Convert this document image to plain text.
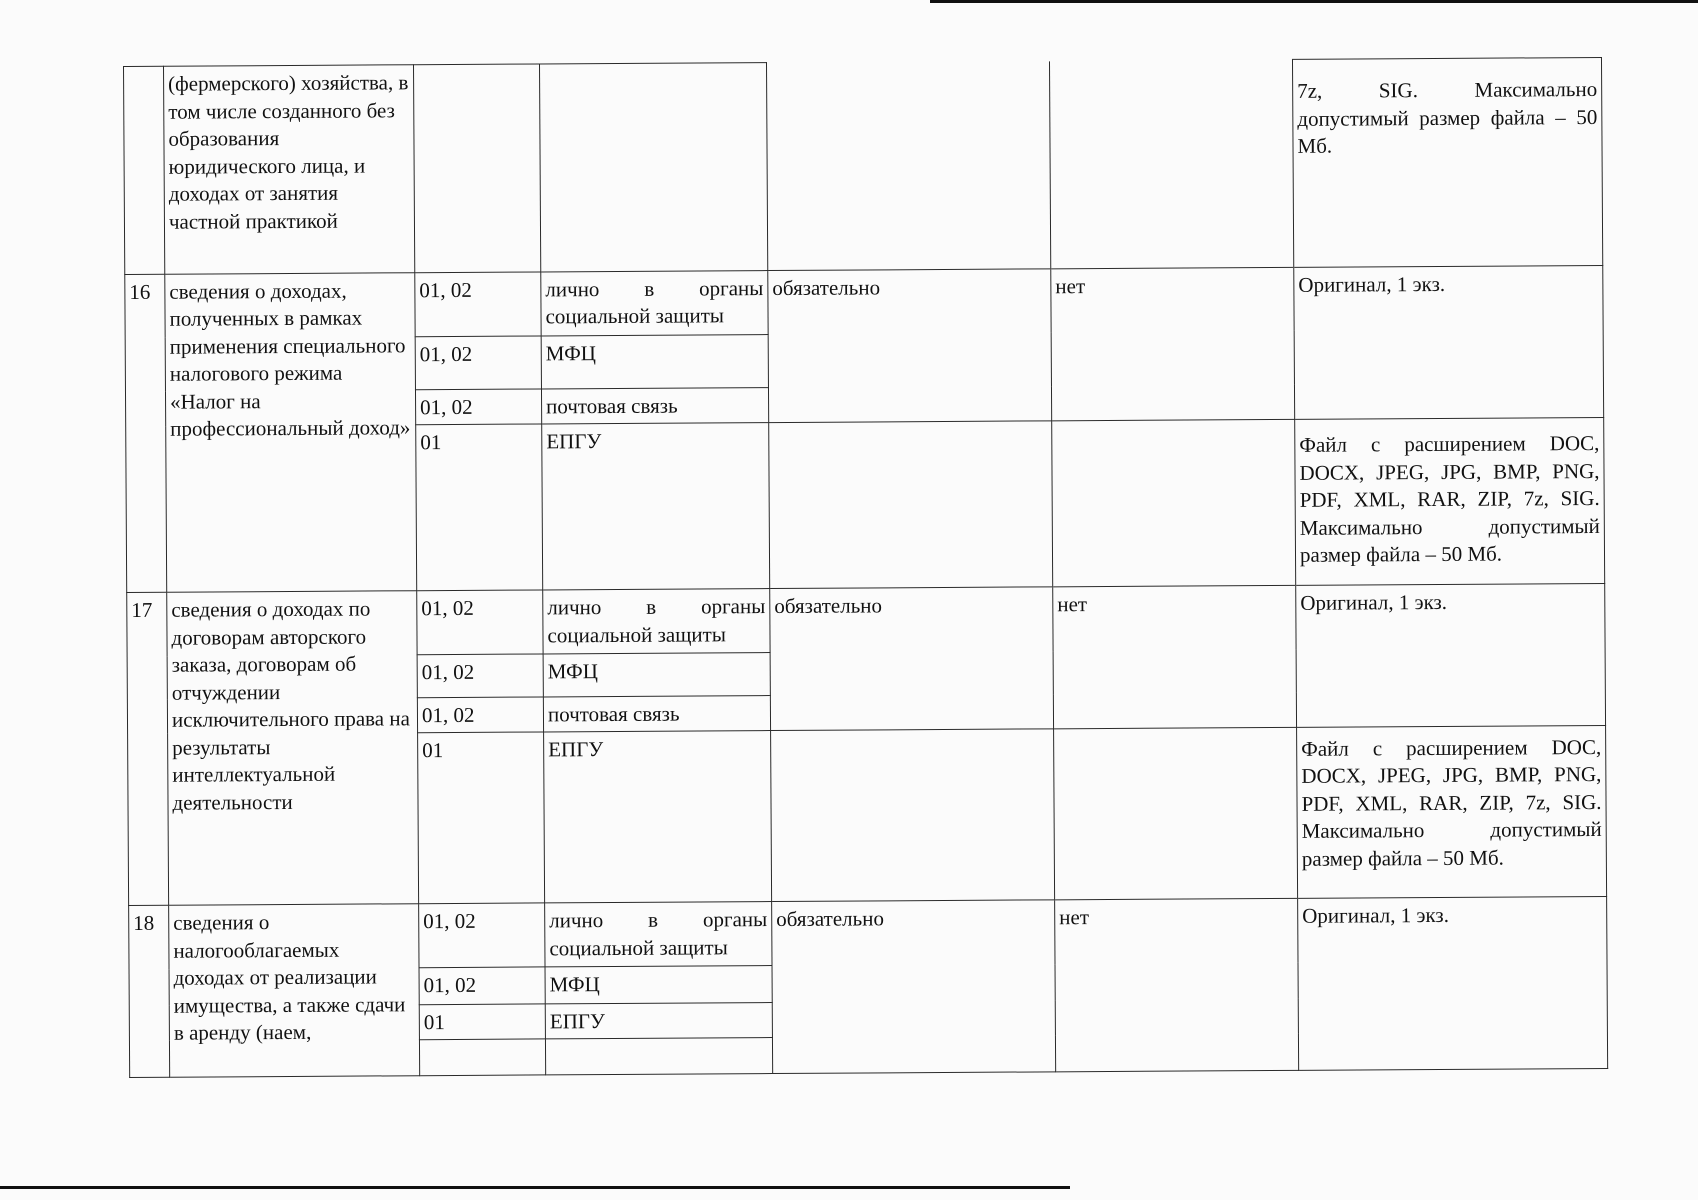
	(фермерского) хозяйства, в том числе созданного без образования юридического лица, и доходах от занятия частной практикой					7z, SIG. Максимально допустимый размер файла – 50 Мб.
16	сведения о доходах, полученных в рамках применения специального налогового режима «Налог на профессиональный доход»	01, 02	лично в органы социальной защиты	обязательно	нет	Оригинал, 1 экз.
		01, 02	МФЦ			
		01, 02	почтовая связь			
		01	ЕПГУ			Файл с расширением DOC, DOCX, JPEG, JPG, BMP, PNG, PDF, XML, RAR, ZIP, 7z, SIG. Максимально допустимый размер файла – 50 Мб.
17	сведения о доходах по договорам авторского заказа, договорам об отчуждении исключительного права на результаты интеллектуальной деятельности	01, 02	лично в органы социальной защиты	обязательно	нет	Оригинал, 1 экз.
		01, 02	МФЦ			
		01, 02	почтовая связь			
		01	ЕПГУ			Файл с расширением DOC, DOCX, JPEG, JPG, BMP, PNG, PDF, XML, RAR, ZIP, 7z, SIG. Максимально допустимый размер файла – 50 Мб.
18	сведения о налогооблагаемых доходах от реализации имущества, а также сдачи в аренду (наем,	01, 02	лично в органы социальной защиты	обязательно	нет	Оригинал, 1 экз.
		01, 02	МФЦ			
		01	ЕПГУ			
